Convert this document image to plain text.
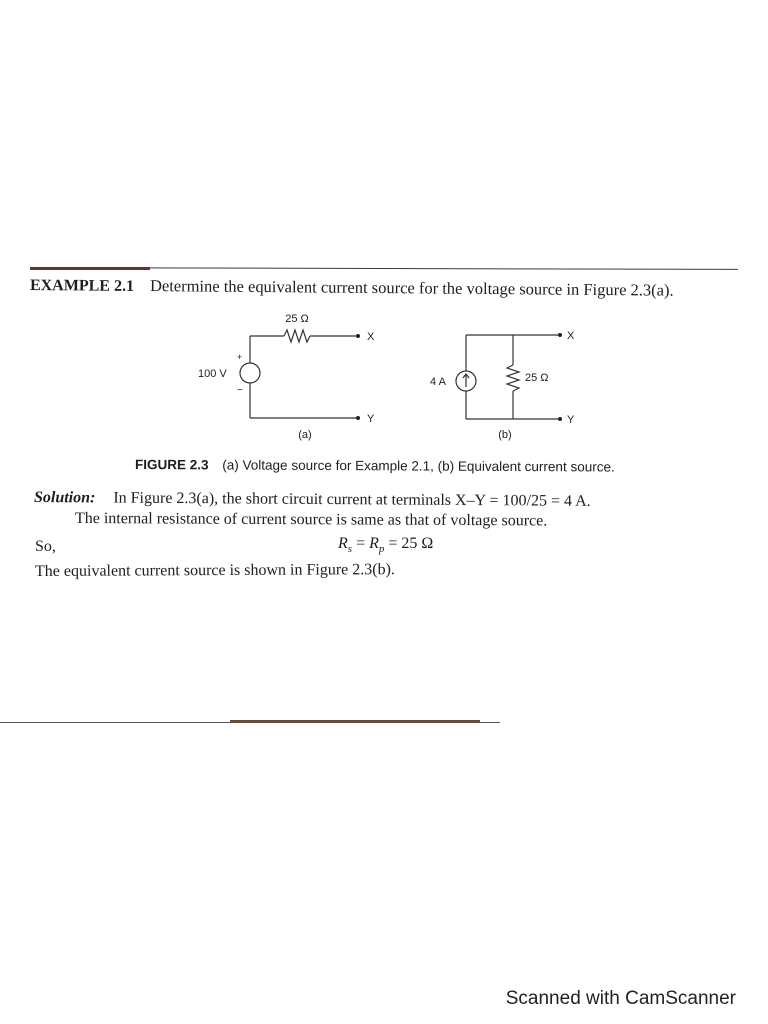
EXAMPLE 2.1 Determine the equivalent current source for the voltage source in Figure 2.3(a).
25 Ω
100 V
+
−
X
Y
(a)
4 A	25 Ω
X
Y
(b)
FIGURE 2.3 (a) Voltage source for Example 2.1, (b) Equivalent current source.
Solution: In Figure 2.3(a), the short circuit current at terminals X–Y = 100/25 = 4 A.
The internal resistance of current source is same as that of voltage source.
So,	$R_s = R_p = 25$ Ω
The equivalent current source is shown in Figure 2.3(b).
Scanned with CamScanner
